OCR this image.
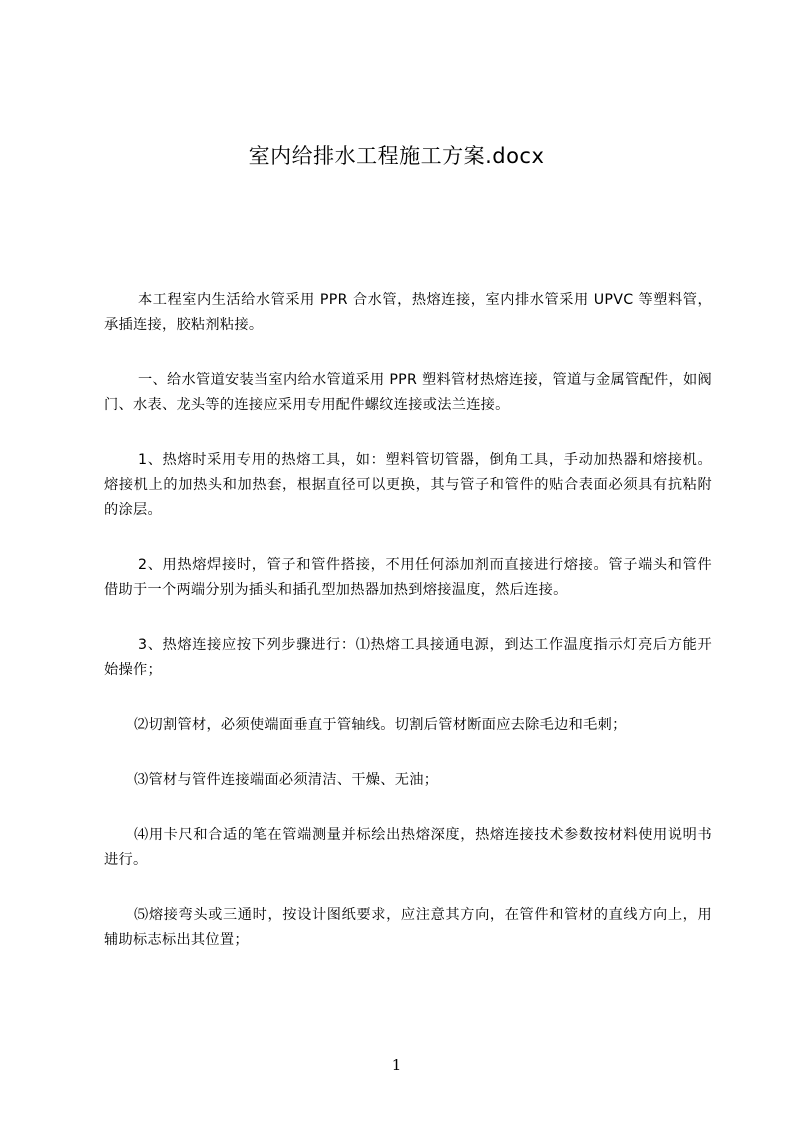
室内给排水工程施工方案.docx

本工程室内生活给水管采用 PPR 合水管，热熔连接，室内排水管采用 UPVC 等塑料管，承插连接，胶粘剂粘接。

一、给水管道安装当室内给水管道采用 PPR 塑料管材热熔连接，管道与金属管配件，如阀门、水表、龙头等的连接应采用专用配件螺纹连接或法兰连接。

1、热熔时采用专用的热熔工具，如：塑料管切管器，倒角工具，手动加热器和熔接机。熔接机上的加热头和加热套，根据直径可以更换，其与管子和管件的贴合表面必须具有抗粘附的涂层。

2、用热熔焊接时，管子和管件搭接，不用任何添加剂而直接进行熔接。管子端头和管件借助于一个两端分别为插头和插孔型加热器加热到熔接温度，然后连接。

3、热熔连接应按下列步骤进行：⑴热熔工具接通电源，到达工作温度指示灯亮后方能开始操作；

⑵切割管材，必须使端面垂直于管轴线。切割后管材断面应去除毛边和毛刺；

⑶管材与管件连接端面必须清洁、干燥、无油；

⑷用卡尺和合适的笔在管端测量并标绘出热熔深度，热熔连接技术参数按材料使用说明书进行。

⑸熔接弯头或三通时，按设计图纸要求，应注意其方向，在管件和管材的直线方向上，用辅助标志标出其位置；

1
